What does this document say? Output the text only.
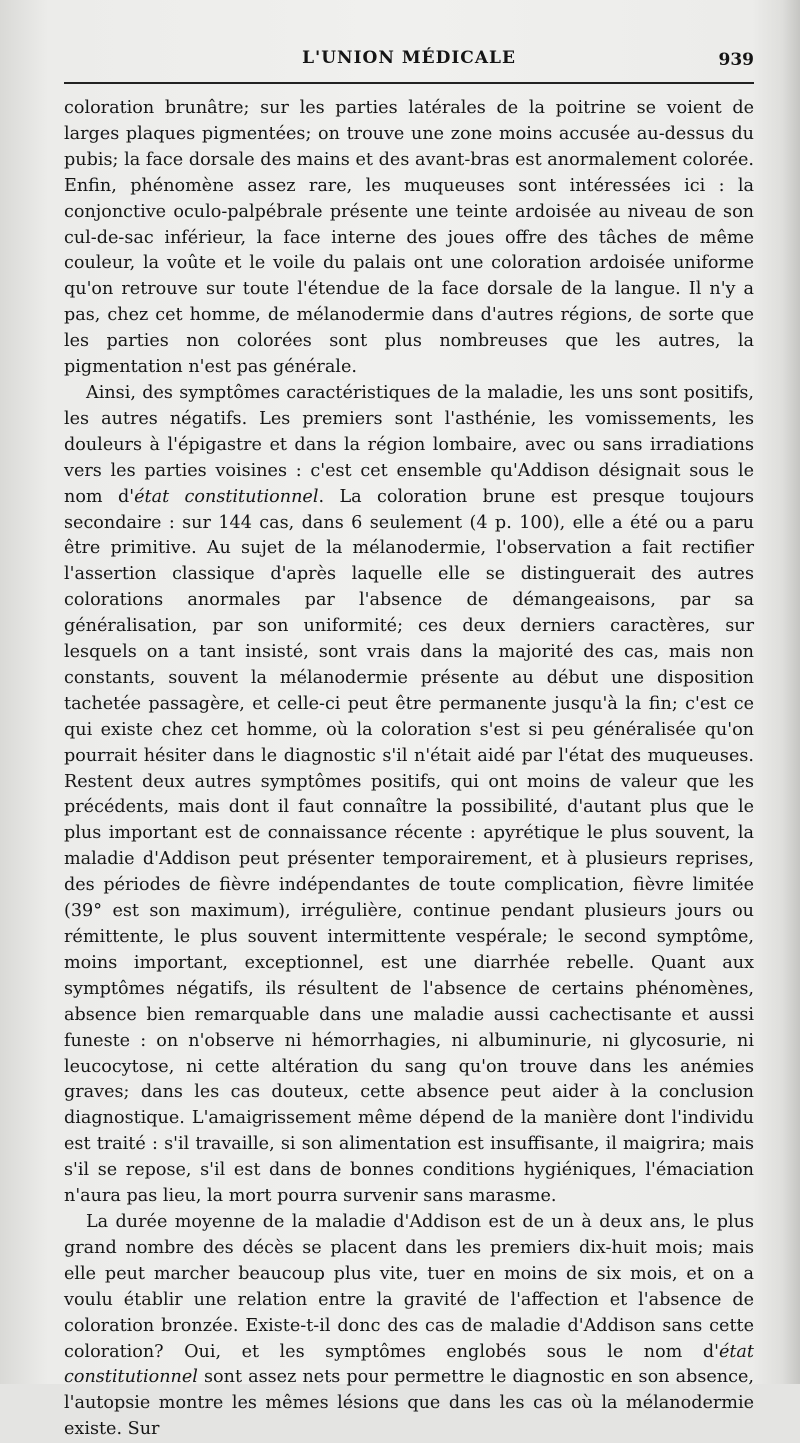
L'UNION MÉDICALE	939

coloration brunâtre; sur les parties latérales de la poitrine se voient de larges plaques pigmentées; on trouve une zone moins accusée au-dessus du pubis; la face dorsale des mains et des avant-bras est anormalement colorée. Enfin, phénomène assez rare, les muqueuses sont intéressées ici : la conjonctive oculo-palpébrale présente une teinte ardoisée au niveau de son cul-de-sac inférieur, la face interne des joues offre des tâches de même couleur, la voûte et le voile du palais ont une coloration ardoisée uniforme qu'on retrouve sur toute l'étendue de la face dorsale de la langue. Il n'y a pas, chez cet homme, de mélanodermie dans d'autres régions, de sorte que les parties non colorées sont plus nombreuses que les autres, la pigmentation n'est pas générale.

Ainsi, des symptômes caractéristiques de la maladie, les uns sont positifs, les autres négatifs. Les premiers sont l'asthénie, les vomissements, les douleurs à l'épigastre et dans la région lombaire, avec ou sans irradiations vers les parties voisines : c'est cet ensemble qu'Addison désignait sous le nom d'état constitutionnel. La coloration brune est presque toujours secondaire : sur 144 cas, dans 6 seulement (4 p. 100), elle a été ou a paru être primitive. Au sujet de la mélanodermie, l'observation a fait rectifier l'assertion classique d'après laquelle elle se distinguerait des autres colorations anormales par l'absence de démangeaisons, par sa généralisation, par son uniformité; ces deux derniers caractères, sur lesquels on a tant insisté, sont vrais dans la majorité des cas, mais non constants, souvent la mélanodermie présente au début une disposition tachetée passagère, et celle-ci peut être permanente jusqu'à la fin; c'est ce qui existe chez cet homme, où la coloration s'est si peu généralisée qu'on pourrait hésiter dans le diagnostic s'il n'était aidé par l'état des muqueuses. Restent deux autres symptômes positifs, qui ont moins de valeur que les précédents, mais dont il faut connaître la possibilité, d'autant plus que le plus important est de connaissance récente : apyrétique le plus souvent, la maladie d'Addison peut présenter temporairement, et à plusieurs reprises, des périodes de fièvre indépendantes de toute complication, fièvre limitée (39° est son maximum), irrégulière, continue pendant plusieurs jours ou rémittente, le plus souvent intermittente vespérale; le second symptôme, moins important, exceptionnel, est une diarrhée rebelle. Quant aux symptômes négatifs, ils résultent de l'absence de certains phénomènes, absence bien remarquable dans une maladie aussi cachectisante et aussi funeste : on n'observe ni hémorrhagies, ni albuminurie, ni glycosurie, ni leucocytose, ni cette altération du sang qu'on trouve dans les anémies graves; dans les cas douteux, cette absence peut aider à la conclusion diagnostique. L'amaigrissement même dépend de la manière dont l'individu est traité : s'il travaille, si son alimentation est insuffisante, il maigrira; mais s'il se repose, s'il est dans de bonnes conditions hygiéniques, l'émaciation n'aura pas lieu, la mort pourra survenir sans marasme.

La durée moyenne de la maladie d'Addison est de un à deux ans, le plus grand nombre des décès se placent dans les premiers dix-huit mois; mais elle peut marcher beaucoup plus vite, tuer en moins de six mois, et on a voulu établir une relation entre la gravité de l'affection et l'absence de coloration bronzée. Existe-t-il donc des cas de maladie d'Addison sans cette coloration? Oui, et les symptômes englobés sous le nom d'état constitutionnel sont assez nets pour permettre le diagnostic en son absence, l'autopsie montre les mêmes lésions que dans les cas où la mélanodermie existe. Sur
